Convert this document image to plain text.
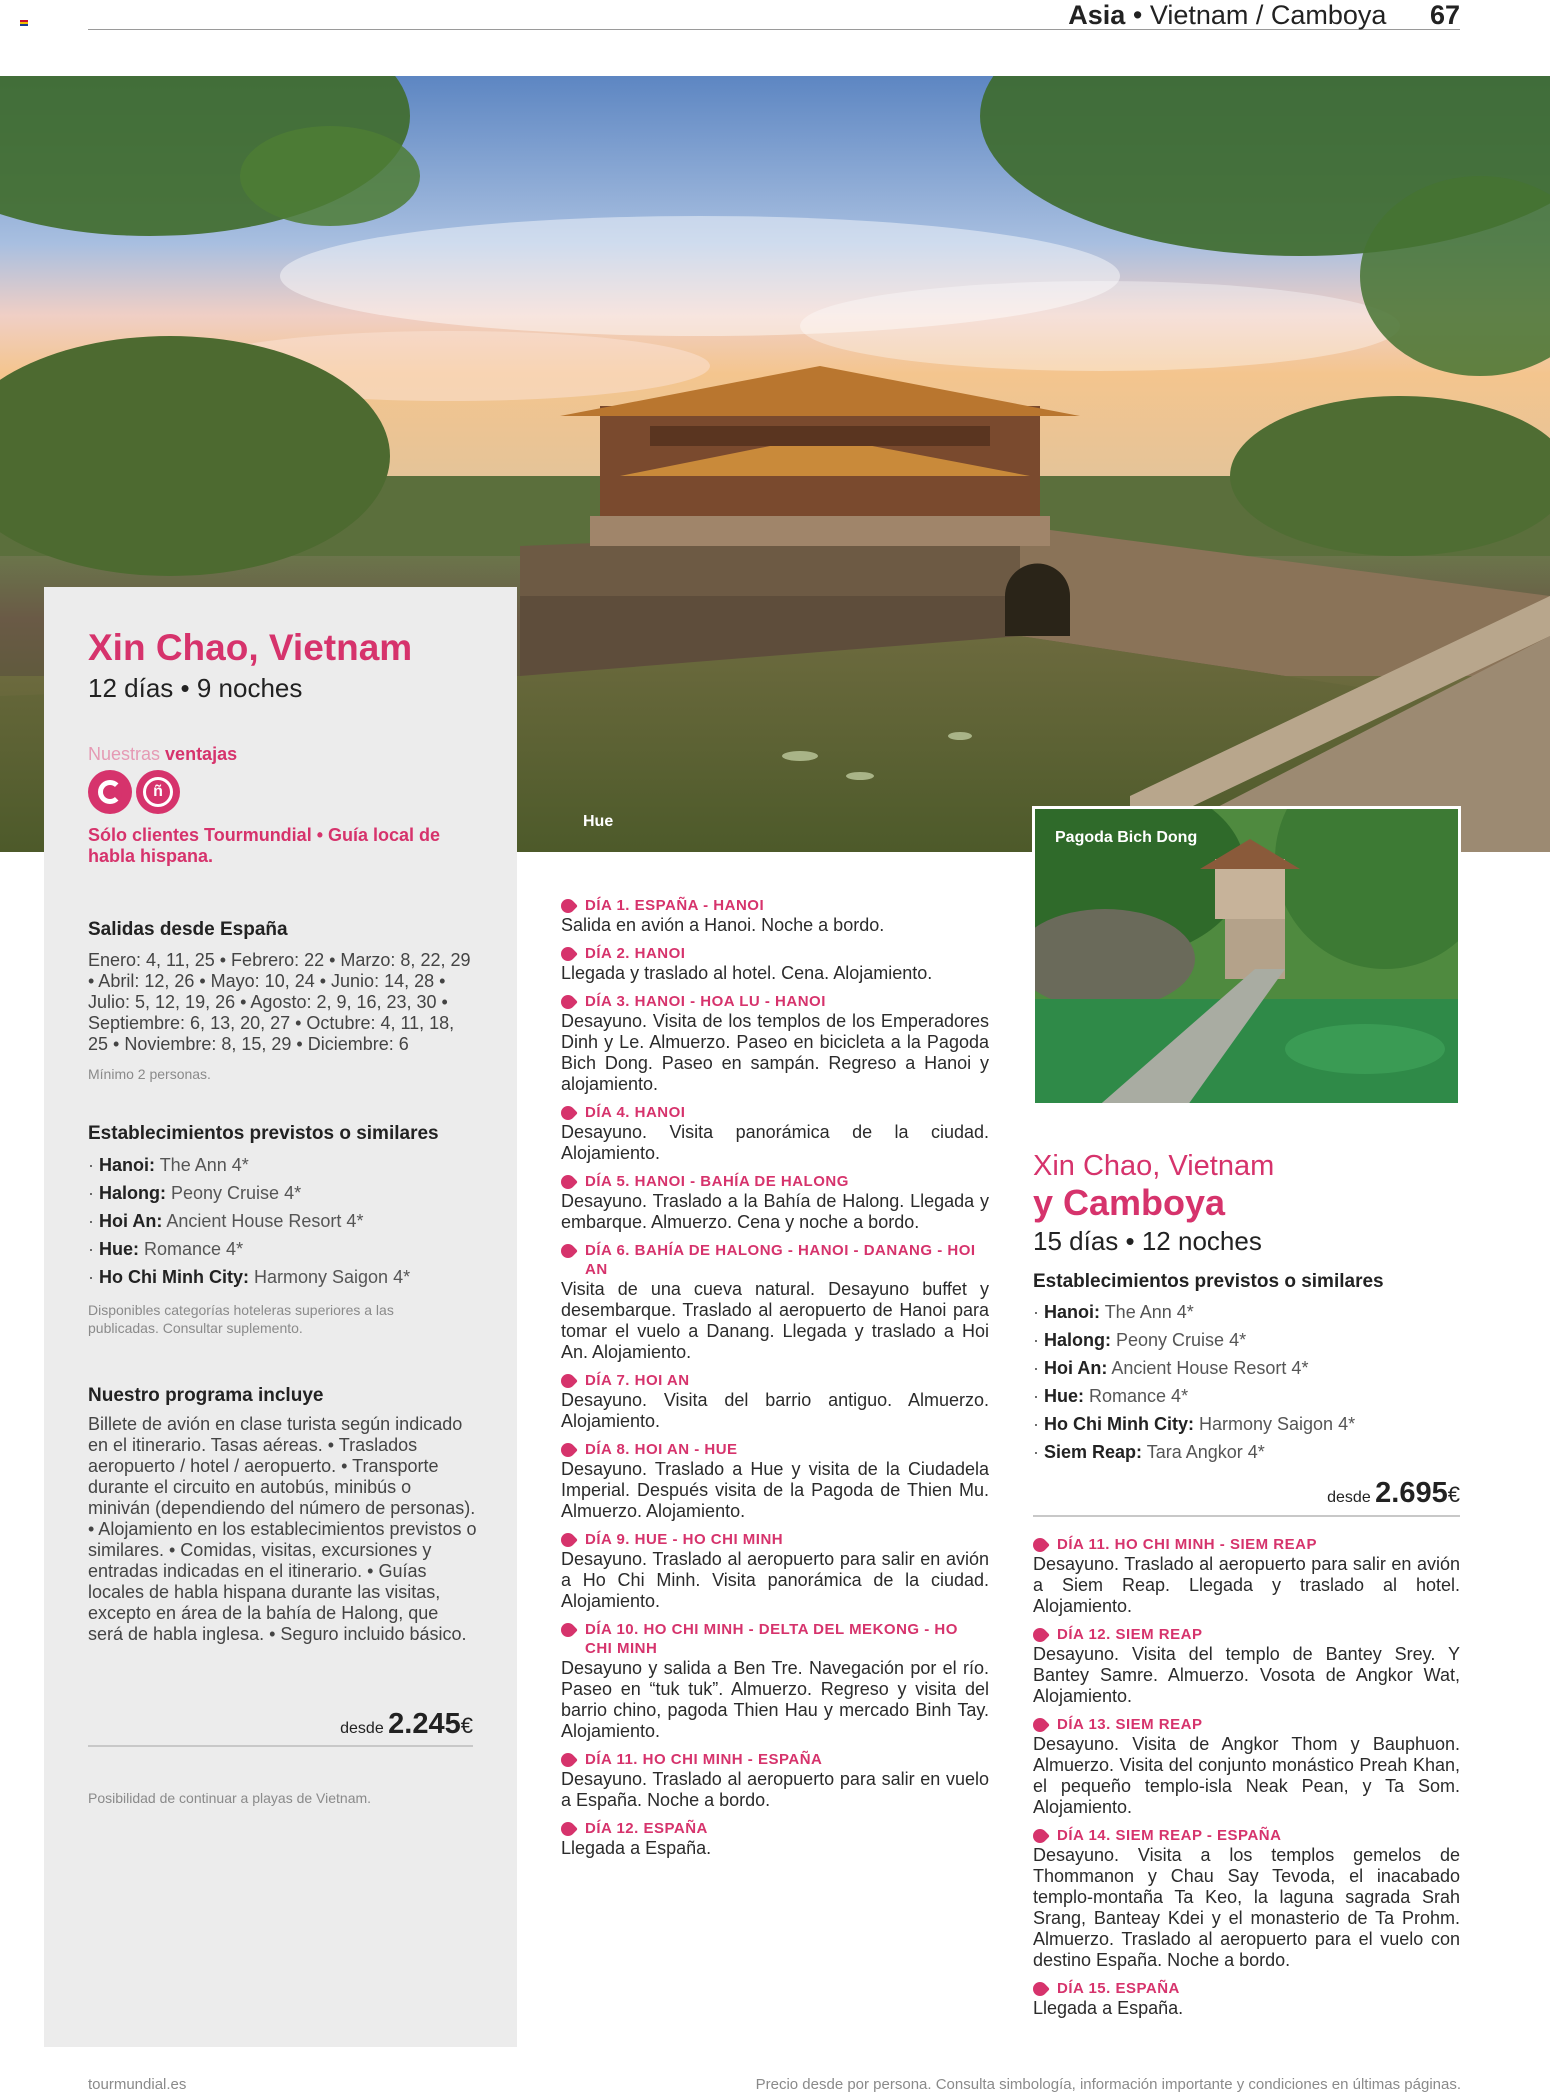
Asia • Vietnam / Camboya 67
Hue
Xin Chao, Vietnam
12 días • 9 noches
Nuestras ventajas
ñ
Sólo clientes Tourmundial • Guía local de habla hispana.
Salidas desde España
Enero: 4, 11, 25 • Febrero: 22 • Marzo: 8, 22, 29 • Abril: 12, 26 • Mayo: 10, 24 • Junio: 14, 28 • Julio: 5, 12, 19, 26 • Agosto: 2, 9, 16, 23, 30 • Septiembre: 6, 13, 20, 27 • Octubre: 4, 11, 18, 25 • Noviembre: 8, 15, 29 • Diciembre: 6
Mínimo 2 personas.
Establecimientos previstos o similares
· Hanoi: The Ann 4*
· Halong: Peony Cruise 4*
· Hoi An: Ancient House Resort 4*
· Hue: Romance 4*
· Ho Chi Minh City: Harmony Saigon 4*
Disponibles categorías hoteleras superiores a las publicadas. Consultar suplemento.
Nuestro programa incluye
Billete de avión en clase turista según indicado en el itinerario. Tasas aéreas. • Traslados aeropuerto / hotel / aeropuerto. • Transporte durante el circuito en autobús, minibús o miniván (dependiendo del número de personas). • Alojamiento en los establecimientos previstos o similares. • Comidas, visitas, excursiones y entradas indicadas en el itinerario. • Guías locales de habla hispana durante las visitas, excepto en área de la bahía de Halong, que será de habla inglesa. • Seguro incluido básico.
desde 2.245€
Posibilidad de continuar a playas de Vietnam.
DÍA 1. ESPAÑA - HANOI
Salida en avión a Hanoi. Noche a bordo.
DÍA 2. HANOI
Llegada y traslado al hotel. Cena. Alojamiento.
DÍA 3. HANOI - HOA LU - HANOI
Desayuno. Visita de los templos de los Emperadores Dinh y Le. Almuerzo. Paseo en bicicleta a la Pagoda Bich Dong. Paseo en sampán. Regreso a Hanoi y alojamiento.
DÍA 4. HANOI
Desayuno. Visita panorámica de la ciudad. Alojamiento.
DÍA 5. HANOI - BAHÍA DE HALONG
Desayuno. Traslado a la Bahía de Halong. Llegada y embarque. Almuerzo. Cena y noche a bordo.
DÍA 6. BAHÍA DE HALONG - HANOI - DANANG - HOI AN
Visita de una cueva natural. Desayuno buffet y desembarque. Traslado al aeropuerto de Hanoi para tomar el vuelo a Danang. Llegada y traslado a Hoi An. Alojamiento.
DÍA 7. HOI AN
Desayuno. Visita del barrio antiguo. Almuerzo. Alojamiento.
DÍA 8. HOI AN - HUE
Desayuno. Traslado a Hue y visita de la Ciudadela Imperial. Después visita de la Pagoda de Thien Mu. Almuerzo. Alojamiento.
DÍA 9. HUE - HO CHI MINH
Desayuno. Traslado al aeropuerto para salir en avión a Ho Chi Minh. Visita panorámica de la ciudad. Alojamiento.
DÍA 10. HO CHI MINH - DELTA DEL MEKONG - HO CHI MINH
Desayuno y salida a Ben Tre. Navegación por el río. Paseo en “tuk tuk”. Almuerzo. Regreso y visita del barrio chino, pagoda Thien Hau y mercado Binh Tay. Alojamiento.
DÍA 11. HO CHI MINH - ESPAÑA
Desayuno. Traslado al aeropuerto para salir en vuelo a España. Noche a bordo.
DÍA 12. ESPAÑA
Llegada a España.
Pagoda Bich Dong
Xin Chao, Vietnam
y Camboya
15 días • 12 noches
Establecimientos previstos o similares
· Hanoi: The Ann 4*
· Halong: Peony Cruise 4*
· Hoi An: Ancient House Resort 4*
· Hue: Romance 4*
· Ho Chi Minh City: Harmony Saigon 4*
· Siem Reap: Tara Angkor 4*
desde 2.695€
DÍA 11. HO CHI MINH - SIEM REAP
Desayuno. Traslado al aeropuerto para salir en avión a Siem Reap. Llegada y traslado al hotel. Alojamiento.
DÍA 12. SIEM REAP
Desayuno. Visita del templo de Bantey Srey. Y Bantey Samre. Almuerzo. Vosota de Angkor Wat, Alojamiento.
DÍA 13. SIEM REAP
Desayuno. Visita de Angkor Thom y Bauphuon. Almuerzo. Visita del conjunto monástico Preah Khan, el pequeño templo-isla Neak Pean, y Ta Som. Alojamiento.
DÍA 14. SIEM REAP - ESPAÑA
Desayuno. Visita a los templos gemelos de Thommanon y Chau Say Tevoda, el inacabado templo-montaña Ta Keo, la laguna sagrada Srah Srang, Banteay Kdei y el monasterio de Ta Prohm. Almuerzo. Traslado al aeropuerto para el vuelo con destino España. Noche a bordo.
DÍA 15. ESPAÑA
Llegada a España.
tourmundial.es	Precio desde por persona. Consulta simbología, información importante y condiciones en últimas páginas.
